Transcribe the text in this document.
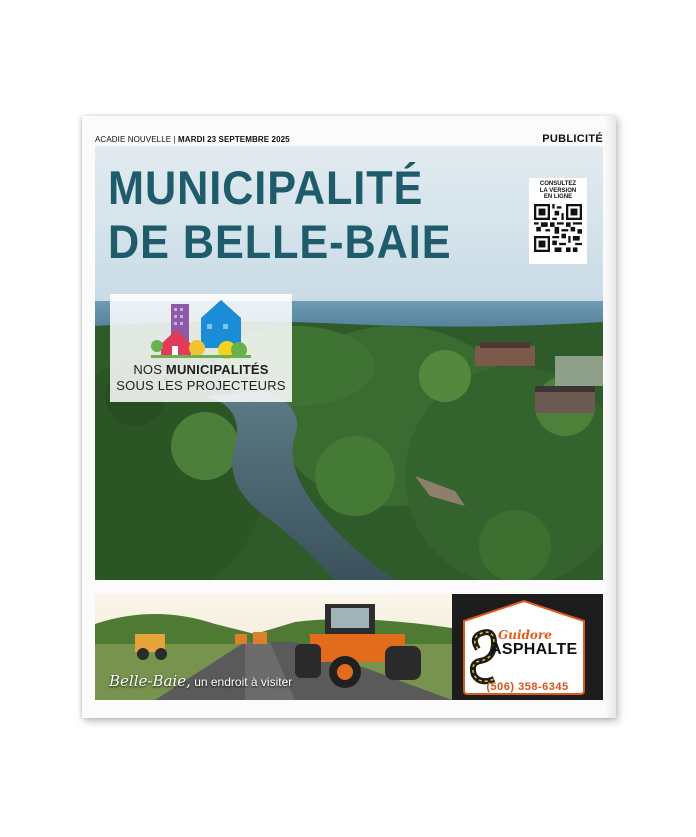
ACADIE NOUVELLE | MARDI 23 SEPTEMBRE 2025	PUBLICITÉ
MUNICIPALITÉ
DE BELLE-BAIE
CONSULTEZ
LA VERSION
EN LIGNE
NOS MUNICIPALITÉS
SOUS LES PROJECTEURS
Belle-Baie, un endroit à visiter
Guidore
ASPHALTE
(506) 358-6345
